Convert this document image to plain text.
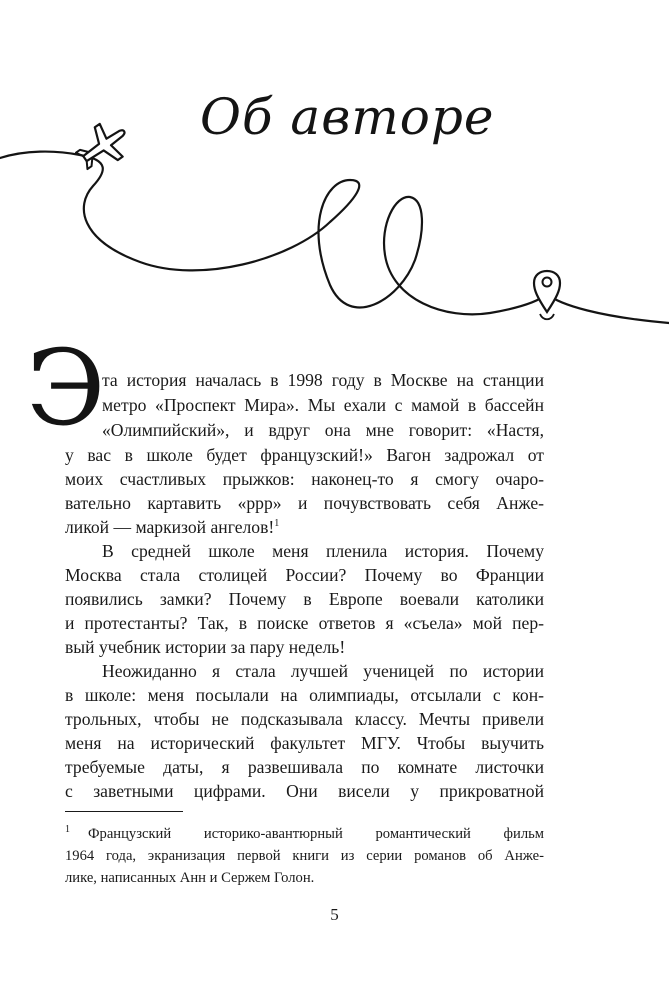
Об авторе
Э
та история началась в 1998 году в Москве на станции
метро «Проспект Мира». Мы ехали с мамой в бассейн
«Олимпийский», и вдруг она мне говорит: «Настя,
у вас в школе будет французский!» Вагон задрожал от
моих счастливых прыжков: наконец-то я смогу очаро-
вательно картавить «ррр» и почувствовать себя Анже-
ликой — маркизой ангелов!$^1$
В средней школе меня пленила история. Почему
Москва стала столицей России? Почему во Франции
появились замки? Почему в Европе воевали католики
и протестанты? Так, в поиске ответов я «съела» мой пер-
вый учебник истории за пару недель!
Неожиданно я стала лучшей ученицей по истории
в школе: меня посылали на олимпиады, отсылали с кон-
трольных, чтобы не подсказывала классу. Мечты привели
меня на исторический факультет МГУ. Чтобы выучить
требуемые даты, я развешивала по комнате листочки
с заветными цифрами. Они висели у прикроватной
$^1$ Французский историко-авантюрный романтический фильм
1964 года, экранизация первой книги из серии романов об Анже-
лике, написанных Анн и Сержем Голон.
5
